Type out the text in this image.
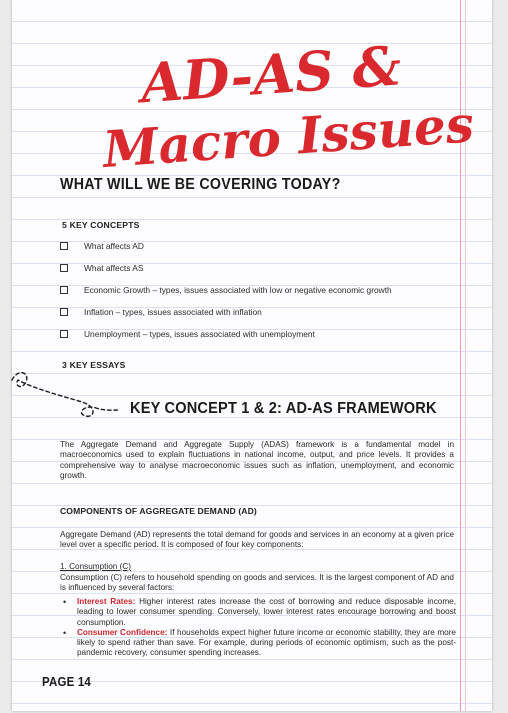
AD-AS &
Macro Issues
WHAT WILL WE BE COVERING TODAY?
5 KEY CONCEPTS
What affects AD
What affects AS
Economic Growth – types, issues associated with low or negative economic growth
Inflation – types, issues associated with inflation
Unemployment – types, issues associated with unemployment
3 KEY ESSAYS
KEY CONCEPT 1 & 2: AD-AS FRAMEWORK

The Aggregate Demand and Aggregate Supply (ADAS) framework is a fundamental model in macroeconomics used to explain fluctuations in national income, output, and price levels. It provides a comprehensive way to analyse macroeconomic issues such as inflation, unemployment, and economic growth.

COMPONENTS OF AGGREGATE DEMAND (AD)

Aggregate Demand (AD) represents the total demand for goods and services in an economy at a given price level over a specific period. It is composed of four key components:

1. Consumption (C)

Consumption (C) refers to household spending on goods and services. It is the largest component of AD and is influenced by several factors:

• Interest Rates: Higher interest rates increase the cost of borrowing and reduce disposable income, leading to lower consumer spending. Conversely, lower interest rates encourage borrowing and boost consumption.
• Consumer Confidence: If households expect higher future income or economic stability, they are more likely to spend rather than save. For example, during periods of economic optimism, such as the post-pandemic recovery, consumer spending increases.
PAGE 14
